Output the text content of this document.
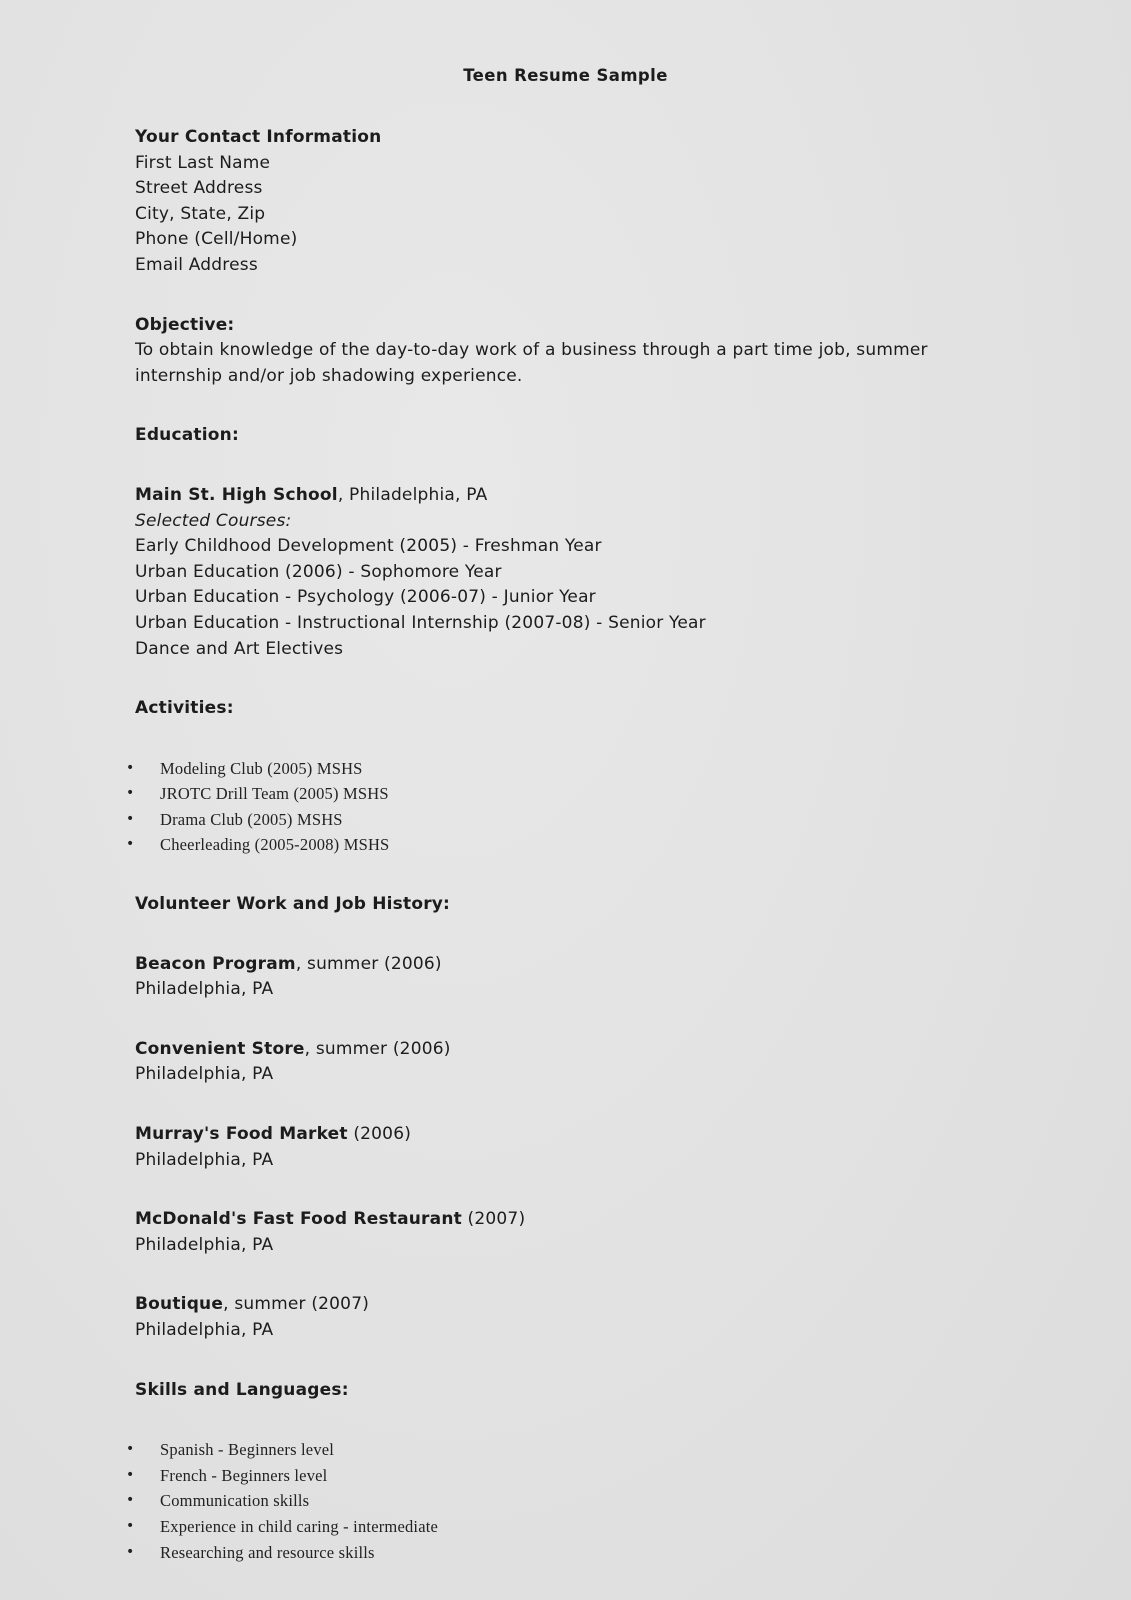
Teen Resume Sample

Your Contact Information

First Last Name

Street Address

City, State, Zip

Phone (Cell/Home)

Email Address

Objective:

To obtain knowledge of the day-to-day work of a business through a part time job, summer

internship and/or job shadowing experience.

Education:

Main St. High School, Philadelphia, PA

Selected Courses:

Early Childhood Development (2005) - Freshman Year

Urban Education (2006) - Sophomore Year

Urban Education - Psychology (2006-07) - Junior Year

Urban Education - Instructional Internship (2007-08) - Senior Year

Dance and Art Electives

Activities:

• Modeling Club (2005) MSHS
• JROTC Drill Team (2005) MSHS
• Drama Club (2005) MSHS
• Cheerleading (2005-2008) MSHS

Volunteer Work and Job History:

Beacon Program, summer (2006)

Philadelphia, PA

Convenient Store, summer (2006)

Philadelphia, PA

Murray's Food Market (2006)

Philadelphia, PA

McDonald's Fast Food Restaurant (2007)

Philadelphia, PA

Boutique, summer (2007)

Philadelphia, PA

Skills and Languages:

• Spanish - Beginners level
• French - Beginners level
• Communication skills
• Experience in child caring - intermediate
• Researching and resource skills
